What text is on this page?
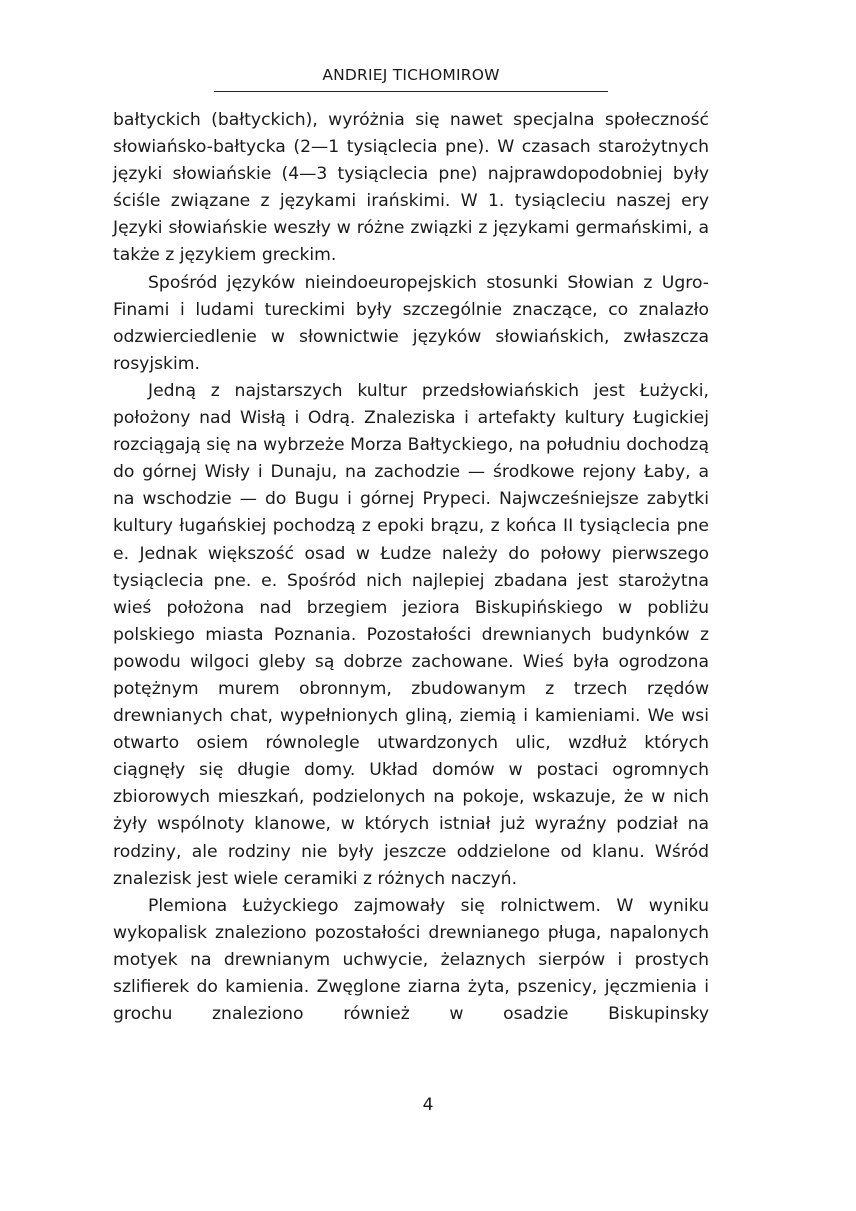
ANDRIEJ TICHOMIROW

bałtyckich (bałtyckich), wyróżnia się nawet specjalna społeczność słowiańsko-bałtycka (2—1 tysiąclecia pne). W czasach starożytnych języki słowiańskie (4—3 tysiąclecia pne) najprawdopodobniej były ściśle związane z językami irańskimi. W 1. tysiącleciu naszej ery Języki słowiańskie weszły w różne związki z językami germańskimi, a także z językiem greckim.

Spośród języków nieindoeuropejskich stosunki Słowian z Ugro-Finami i ludami tureckimi były szczególnie znaczące, co znalazło odzwierciedlenie w słownictwie języków słowiańskich, zwłaszcza rosyjskim.

Jedną z najstarszych kultur przedsłowiańskich jest Łużycki, położony nad Wisłą i Odrą. Znaleziska i artefakty kultury Ługickiej rozciągają się na wybrzeże Morza Bałtyckiego, na południu dochodzą do górnej Wisły i Dunaju, na zachodzie — środkowe rejony Łaby, a na wschodzie — do Bugu i górnej Prypeci. Najwcześniejsze zabytki kultury ługańskiej pochodzą z epoki brązu, z końca II tysiąclecia pne e. Jednak większość osad w Łudze należy do połowy pierwszego tysiąclecia pne. e. Spośród nich najlepiej zbadana jest starożytna wieś położona nad brzegiem jeziora Biskupińskiego w pobliżu polskiego miasta Poznania. Pozostałości drewnianych budynków z powodu wilgoci gleby są dobrze zachowane. Wieś była ogrodzona potężnym murem obronnym, zbudowanym z trzech rzędów drewnianych chat, wypełnionych gliną, ziemią i kamieniami. We wsi otwarto osiem równolegle utwardzonych ulic, wzdłuż których ciągnęły się długie domy. Układ domów w postaci ogromnych zbiorowych mieszkań, podzielonych na pokoje, wskazuje, że w nich żyły wspólnoty klanowe, w których istniał już wyraźny podział na rodziny, ale rodziny nie były jeszcze oddzielone od klanu. Wśród znalezisk jest wiele ceramiki z różnych naczyń.

Plemiona Łużyckiego zajmowały się rolnictwem. W wyniku wykopalisk znaleziono pozostałości drewnianego pługa, napalonych motyek na drewnianym uchwycie, żelaznych sierpów i prostych szlifierek do kamienia. Zwęglone ziarna żyta, pszenicy, jęczmienia i grochu znaleziono również w osadzie Biskupinsky

4
